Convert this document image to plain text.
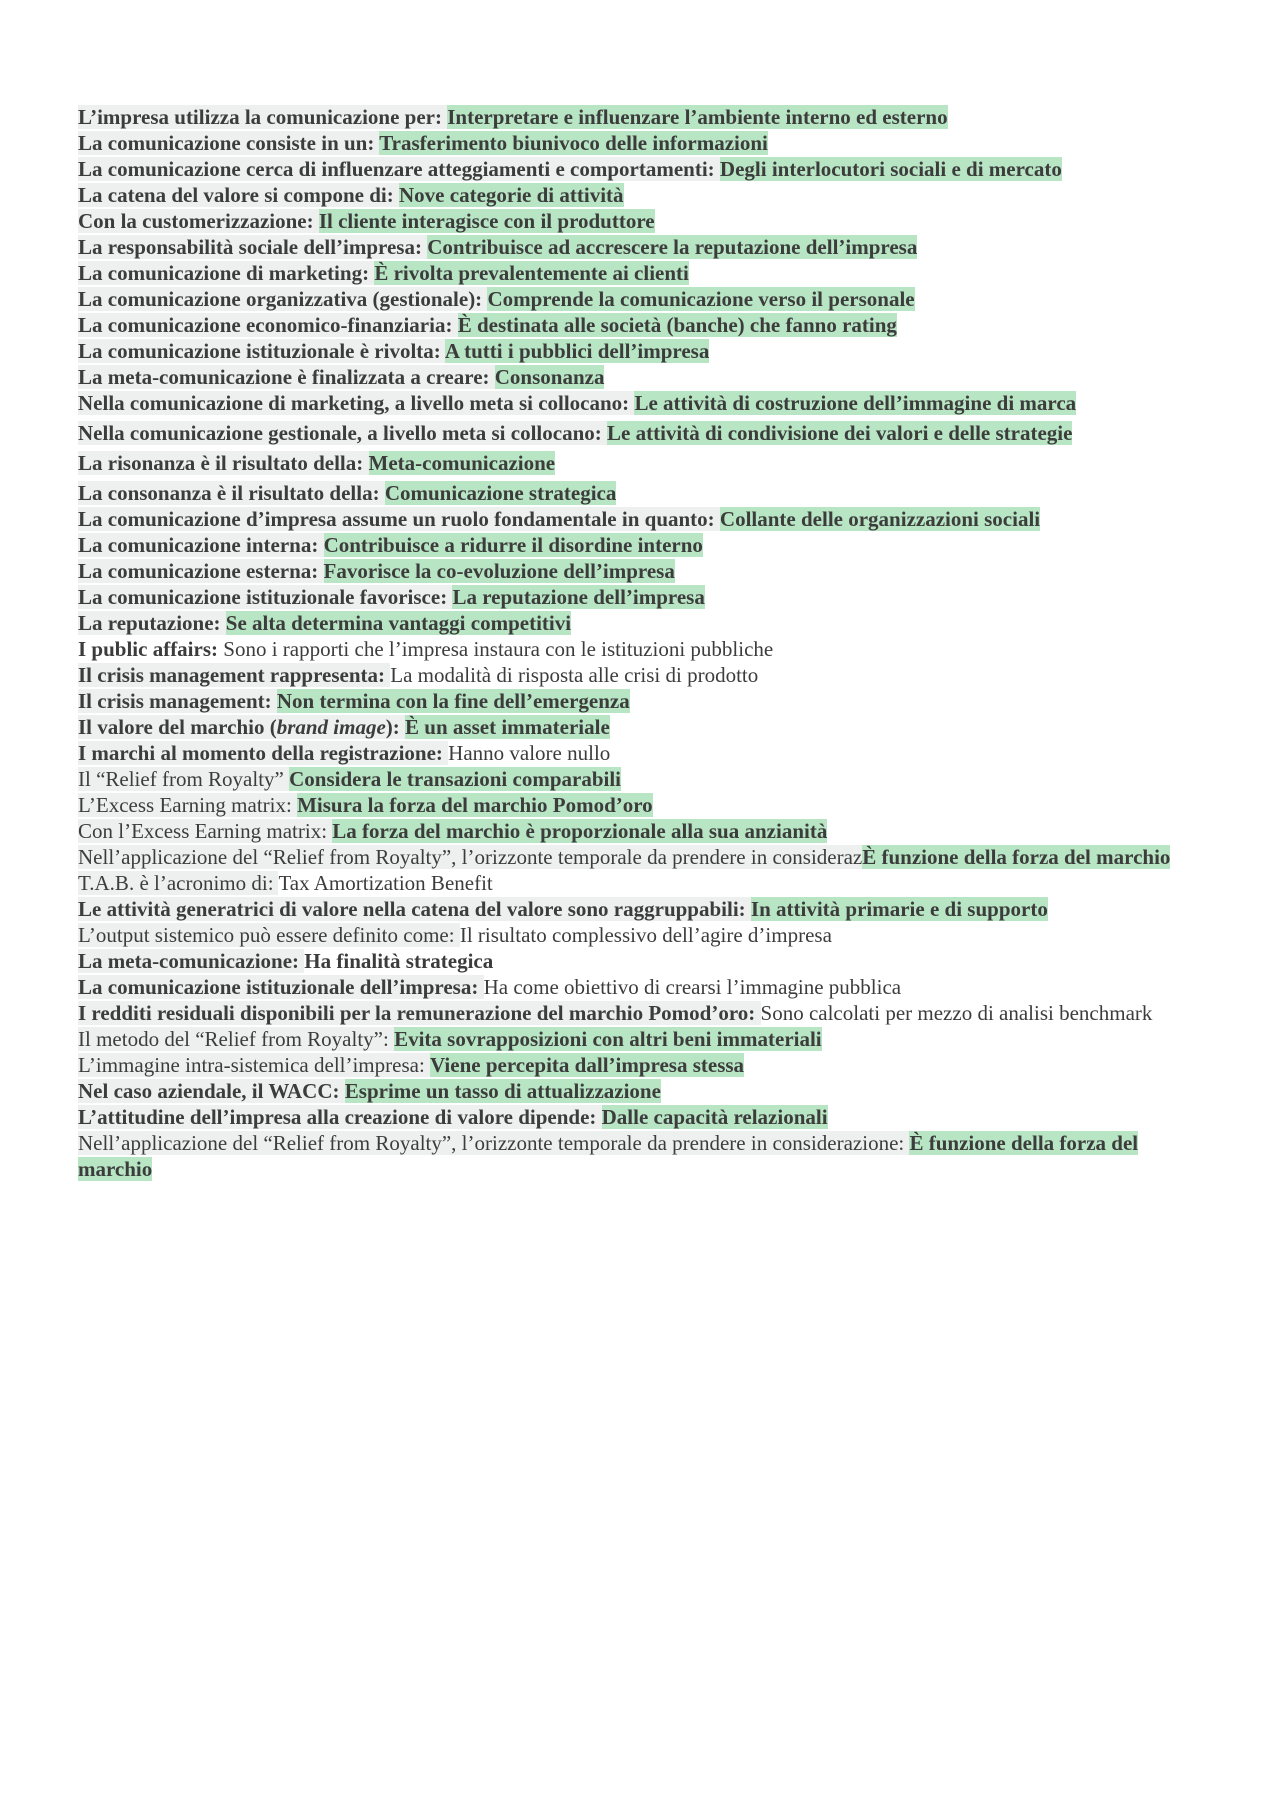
L’impresa utilizza la comunicazione per: Interpretare e influenzare l’ambiente interno ed esterno

La comunicazione consiste in un: Trasferimento biunivoco delle informazioni

La comunicazione cerca di influenzare atteggiamenti e comportamenti: Degli interlocutori sociali e di mercato

La catena del valore si compone di: Nove categorie di attività

Con la customerizzazione: Il cliente interagisce con il produttore

La responsabilità sociale dell’impresa: Contribuisce ad accrescere la reputazione dell’impresa

La comunicazione di marketing: È rivolta prevalentemente ai clienti

La comunicazione organizzativa (gestionale): Comprende la comunicazione verso il personale

La comunicazione economico-finanziaria: È destinata alle società (banche) che fanno rating

La comunicazione istituzionale è rivolta: A tutti i pubblici dell’impresa

La meta-comunicazione è finalizzata a creare: Consonanza

Nella comunicazione di marketing, a livello meta si collocano: Le attività di costruzione dell’immagine di marca

Nella comunicazione gestionale, a livello meta si collocano: Le attività di condivisione dei valori e delle strategie

La risonanza è il risultato della: Meta-comunicazione

La consonanza è il risultato della: Comunicazione strategica

La comunicazione d’impresa assume un ruolo fondamentale in quanto: Collante delle organizzazioni sociali

La comunicazione interna: Contribuisce a ridurre il disordine interno

La comunicazione esterna: Favorisce la co-evoluzione dell’impresa

La comunicazione istituzionale favorisce: La reputazione dell’impresa

La reputazione: Se alta determina vantaggi competitivi

I public affairs: Sono i rapporti che l’impresa instaura con le istituzioni pubbliche

Il crisis management rappresenta: La modalità di risposta alle crisi di prodotto

Il crisis management: Non termina con la fine dell’emergenza

Il valore del marchio (brand image): È un asset immateriale

I marchi al momento della registrazione: Hanno valore nullo

Il “Relief from Royalty” Considera le transazioni comparabili

L’Excess Earning matrix: Misura la forza del marchio Pomod’oro

Con l’Excess Earning matrix: La forza del marchio è proporzionale alla sua anzianità

Nell’applicazione del “Relief from Royalty”, l’orizzonte temporale da prendere in considerazÈ funzione della forza del marchio

T.A.B. è l’acronimo di: Tax Amortization Benefit

Le attività generatrici di valore nella catena del valore sono raggruppabili: In attività primarie e di supporto

L’output sistemico può essere definito come: Il risultato complessivo dell’agire d’impresa

La meta-comunicazione: Ha finalità strategica

La comunicazione istituzionale dell’impresa: Ha come obiettivo di crearsi l’immagine pubblica

I redditi residuali disponibili per la remunerazione del marchio Pomod’oro: Sono calcolati per mezzo di analisi benchmark

Il metodo del “Relief from Royalty”: Evita sovrapposizioni con altri beni immateriali

L’immagine intra-sistemica dell’impresa: Viene percepita dall’impresa stessa

Nel caso aziendale, il WACC: Esprime un tasso di attualizzazione

L’attitudine dell’impresa alla creazione di valore dipende: Dalle capacità relazionali

Nell’applicazione del “Relief from Royalty”, l’orizzonte temporale da prendere in considerazione: È funzione della forza del marchio
